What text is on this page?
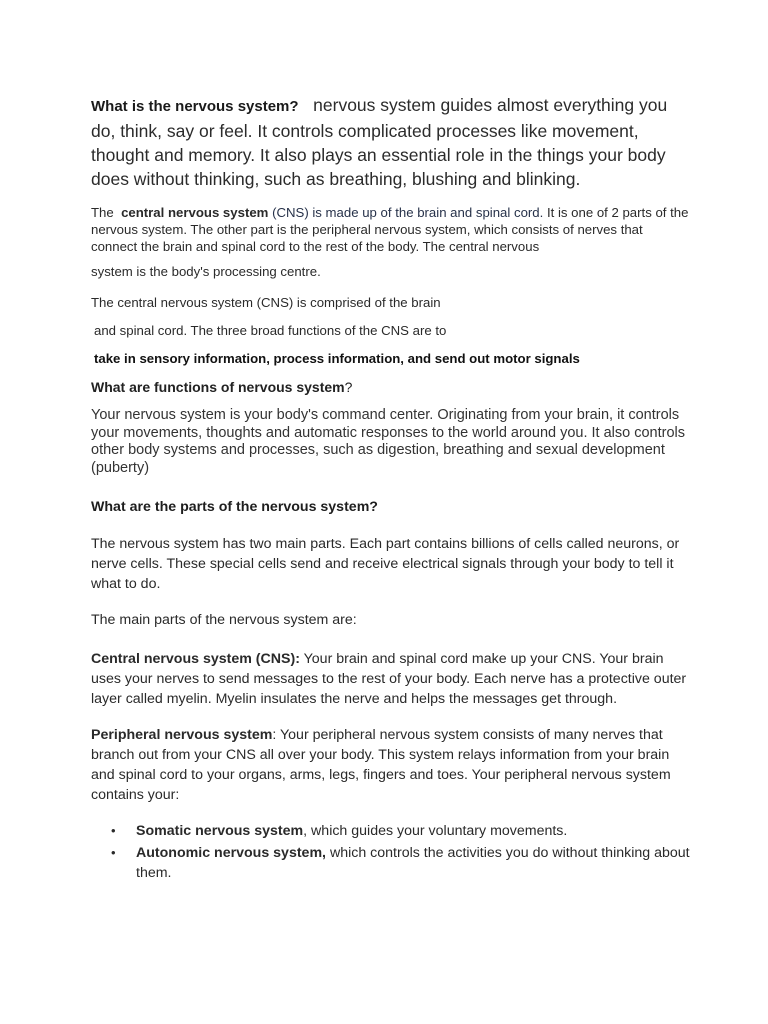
What is the nervous system? nervous system guides almost everything you do, think, say or feel. It controls complicated processes like movement, thought and memory. It also plays an essential role in the things your body does without thinking, such as breathing, blushing and blinking.

The central nervous system (CNS) is made up of the brain and spinal cord. It is one of 2 parts of the nervous system. The other part is the peripheral nervous system, which consists of nerves that connect the brain and spinal cord to the rest of the body. The central nervous

system is the body's processing centre.

The central nervous system (CNS) is comprised of the brain

and spinal cord. The three broad functions of the CNS are to

take in sensory information, process information, and send out motor signals

What are functions of nervous system?

Your nervous system is your body's command center. Originating from your brain, it controls your movements, thoughts and automatic responses to the world around you. It also controls other body systems and processes, such as digestion, breathing and sexual development (puberty)

What are the parts of the nervous system?

The nervous system has two main parts. Each part contains billions of cells called neurons, or nerve cells. These special cells send and receive electrical signals through your body to tell it what to do.

The main parts of the nervous system are:

Central nervous system (CNS): Your brain and spinal cord make up your CNS. Your brain uses your nerves to send messages to the rest of your body. Each nerve has a protective outer layer called myelin. Myelin insulates the nerve and helps the messages get through.

Peripheral nervous system: Your peripheral nervous system consists of many nerves that branch out from your CNS all over your body. This system relays information from your brain and spinal cord to your organs, arms, legs, fingers and toes. Your peripheral nervous system contains your:

• Somatic nervous system, which guides your voluntary movements.
• Autonomic nervous system, which controls the activities you do without thinking about them.
